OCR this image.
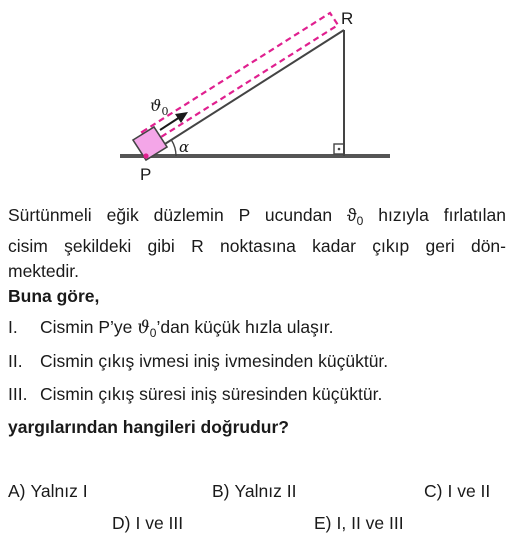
α
$ϑ_0$
P
R

Sürtünmeli eğik düzlemin P ucundan $ϑ_0$ hızıyla fırlatılan

cisim şekildeki gibi R noktasına kadar çıkıp geri dön-

mektedir.

Buna göre,

I. Cismin P’ye $ϑ_0’dan$ küçük hızla ulaşır.
II. Cismin çıkış ivmesi iniş ivmesinden küçüktür.
III. Cismin çıkış süresi iniş süresinden küçüktür.
yargılarından hangileri doğrudur?
A) Yalnız I	B) Yalnız II	C) I ve II
D) I ve III	E) I, II ve III
